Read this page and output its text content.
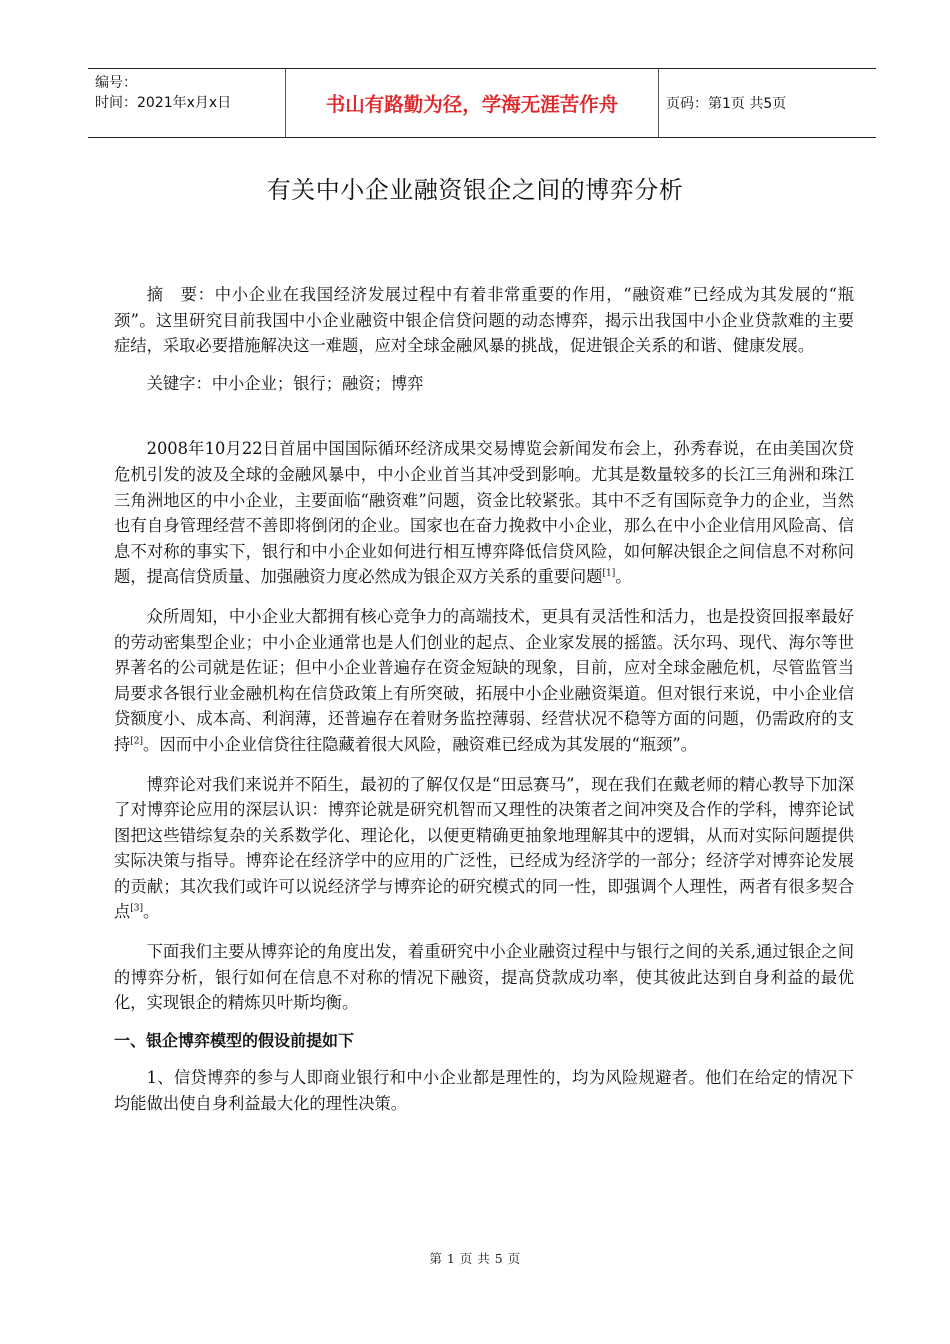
编号：
时间：2021年x月x日	书山有路勤为径，学海无涯苦作舟	页码：第1页 共5页
有关中小企业融资银企之间的博弈分析

摘　要：中小企业在我国经济发展过程中有着非常重要的作用，“融资难”已经成为其发展的“瓶颈”。这里研究目前我国中小企业融资中银企信贷问题的动态博弈，揭示出我国中小企业贷款难的主要症结，采取必要措施解决这一难题，应对全球金融风暴的挑战，促进银企关系的和谐、健康发展。

关键字：中小企业；银行；融资；博弈

2008年10月22日首届中国国际循环经济成果交易博览会新闻发布会上，孙秀春说，在由美国次贷危机引发的波及全球的金融风暴中，中小企业首当其冲受到影响。尤其是数量较多的长江三角洲和珠江三角洲地区的中小企业，主要面临“融资难”问题，资金比较紧张。其中不乏有国际竞争力的企业，当然也有自身管理经营不善即将倒闭的企业。国家也在奋力挽救中小企业，那么在中小企业信用风险高、信息不对称的事实下，银行和中小企业如何进行相互博弈降低信贷风险，如何解决银企之间信息不对称问题，提高信贷质量、加强融资力度必然成为银企双方关系的重要问题[1]。

众所周知，中小企业大都拥有核心竞争力的高端技术，更具有灵活性和活力，也是投资回报率最好的劳动密集型企业；中小企业通常也是人们创业的起点、企业家发展的摇篮。沃尔玛、现代、海尔等世界著名的公司就是佐证；但中小企业普遍存在资金短缺的现象，目前，应对全球金融危机，尽管监管当局要求各银行业金融机构在信贷政策上有所突破，拓展中小企业融资渠道。但对银行来说，中小企业信贷额度小、成本高、利润薄，还普遍存在着财务监控薄弱、经营状况不稳等方面的问题，仍需政府的支持[2]。因而中小企业信贷往往隐藏着很大风险，融资难已经成为其发展的“瓶颈”。

博弈论对我们来说并不陌生，最初的了解仅仅是“田忌赛马”，现在我们在戴老师的精心教导下加深了对博弈论应用的深层认识：博弈论就是研究机智而又理性的决策者之间冲突及合作的学科，博弈论试图把这些错综复杂的关系数学化、理论化，以便更精确更抽象地理解其中的逻辑，从而对实际问题提供实际决策与指导。博弈论在经济学中的应用的广泛性，已经成为经济学的一部分；经济学对博弈论发展的贡献；其次我们或许可以说经济学与博弈论的研究模式的同一性，即强调个人理性，两者有很多契合点[3]。

下面我们主要从博弈论的角度出发，着重研究中小企业融资过程中与银行之间的关系,通过银企之间的博弈分析，银行如何在信息不对称的情况下融资，提高贷款成功率，使其彼此达到自身利益的最优化，实现银企的精炼贝叶斯均衡。

一、银企博弈模型的假设前提如下

1、信贷博弈的参与人即商业银行和中小企业都是理性的，均为风险规避者。他们在给定的情况下均能做出使自身利益最大化的理性决策。

第 1 页 共 5 页
